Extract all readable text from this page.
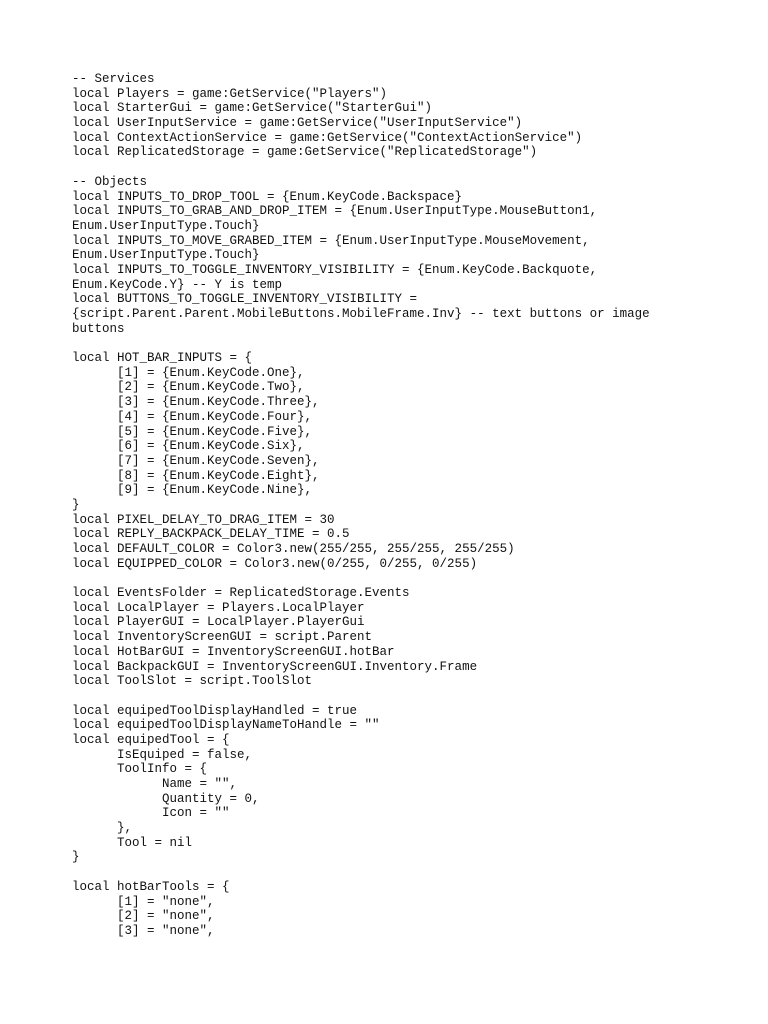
-- Services
local Players = game:GetService("Players")
local StarterGui = game:GetService("StarterGui")
local UserInputService = game:GetService("UserInputService")
local ContextActionService = game:GetService("ContextActionService")
local ReplicatedStorage = game:GetService("ReplicatedStorage")
-- Objects
local INPUTS_TO_DROP_TOOL = {Enum.KeyCode.Backspace}
local INPUTS_TO_GRAB_AND_DROP_ITEM = {Enum.UserInputType.MouseButton1,
Enum.UserInputType.Touch}
local INPUTS_TO_MOVE_GRABED_ITEM = {Enum.UserInputType.MouseMovement,
Enum.UserInputType.Touch}
local INPUTS_TO_TOGGLE_INVENTORY_VISIBILITY = {Enum.KeyCode.Backquote,
Enum.KeyCode.Y} -- Y is temp
local BUTTONS_TO_TOGGLE_INVENTORY_VISIBILITY =
{script.Parent.Parent.MobileButtons.MobileFrame.Inv} -- text buttons or image
buttons
local HOT_BAR_INPUTS = {
[1] = {Enum.KeyCode.One},
[2] = {Enum.KeyCode.Two},
[3] = {Enum.KeyCode.Three},
[4] = {Enum.KeyCode.Four},
[5] = {Enum.KeyCode.Five},
[6] = {Enum.KeyCode.Six},
[7] = {Enum.KeyCode.Seven},
[8] = {Enum.KeyCode.Eight},
[9] = {Enum.KeyCode.Nine},
}
local PIXEL_DELAY_TO_DRAG_ITEM = 30
local REPLY_BACKPACK_DELAY_TIME = 0.5
local DEFAULT_COLOR = Color3.new(255/255, 255/255, 255/255)
local EQUIPPED_COLOR = Color3.new(0/255, 0/255, 0/255)
local EventsFolder = ReplicatedStorage.Events
local LocalPlayer = Players.LocalPlayer
local PlayerGUI = LocalPlayer.PlayerGui
local InventoryScreenGUI = script.Parent
local HotBarGUI = InventoryScreenGUI.hotBar
local BackpackGUI = InventoryScreenGUI.Inventory.Frame
local ToolSlot = script.ToolSlot
local equipedToolDisplayHandled = true
local equipedToolDisplayNameToHandle = ""
local equipedTool = {
IsEquiped = false,
ToolInfo = {
Name = "",
Quantity = 0,
Icon = ""
},
Tool = nil
}
local hotBarTools = {
[1] = "none",
[2] = "none",
[3] = "none",
